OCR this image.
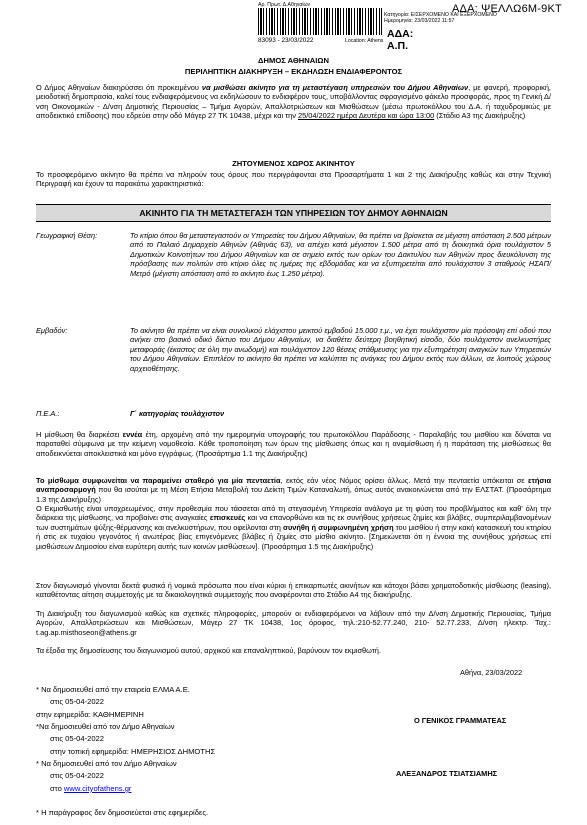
Αρ. Πρωτ. Δ.Αθηναίων
Κατηγορία: ΕΙΣΕΡΧΟΜΕΝΟ ΚΑΙ ΕΞΕΡΧΟΜΕΝΟ
Ημερομηνία: 23/03/2022 11:57
83093 - 23/03/2022	Location: Athens
ΑΔΑ: ΨΕΛΛΩ6Μ-9ΚΤ
ΑΔΑ:
Α.Π.
ΔΗΜΟΣ ΑΘΗΝΑΙΩΝ
ΠΕΡΙΛΗΠΤΙΚΗ ΔΙΑΚΗΡΥΞΗ – ΕΚΔΗΛΩΣΗ ΕΝΔΙΑΦΕΡΟΝΤΟΣ
Ο Δήμος Αθηναίων διακηρύσσει ότι προκειμένου να μισθώσει ακίνητο για τη μεταστέγαση υπηρεσιών του Δήμου Αθηναίων, με φανερή, προφορική, μειοδοτική δημοπρασία, καλεί τους ενδιαφερόμενους να εκδηλώσουν το ενδιαφέρον τους, υποβάλλοντας σφραγισμένο φάκελο προσφοράς, προς τη Γενική Δ/νση Οικονομικών - Δ/νση Δημοτικής Περιουσίας – Τμήμα Αγορών, Απαλλοτριώσεων και Μισθώσεων (μέσω πρωτοκόλλου του Δ.Α. ή ταχυδρομικώς με αποδεικτικό επίδοσης) που εδρεύει στην οδό Μάγερ 27 ΤΚ 10438, μέχρι και την 25/04/2022 ημέρα Δευτέρα και ώρα 13:00 (Στάδιο Α3 της Διακήρυξης)
ΖΗΤΟΥΜΕΝΟΣ ΧΩΡΟΣ ΑΚΙΝΗΤΟΥ
Το προσφερόμενο ακίνητο θα πρέπει να πληρούν τους όρους που περιγράφονται στα Προσαρτήματα 1 και 2 της Διακήρυξης καθώς και στην Τεχνική Περιγραφή και έχουν τα παρακάτω χαρακτηριστικά:
ΑΚΙΝΗΤΟ ΓΙΑ ΤΗ ΜΕΤΑΣΤΕΓΑΣΗ ΤΩΝ ΥΠΗΡΕΣΙΩΝ ΤΟΥ ΔΗΜΟΥ ΑΘΗΝΑΙΩΝ
Γεωγραφική Θέση:	Το κτίριο όπου θα μεταστεγαστούν οι Υπηρεσίες του Δήμου Αθηναίων, θα πρέπει να βρίσκεται σε μέγιστη απόσταση 2.500 μέτρων από το Παλαιό Δημαρχείο Αθηνών (Αθηνάς 63), να απέχει κατά μέγιστον 1.500 μέτρα από τη διοικητικά όρια τουλάχιστον 5 Δημοτικών Κοινοτήτων του Δήμου Αθηναίων και σε σημείο εκτός των ορίων του Δακτυλίου των Αθηνών προς διευκόλυνση της πρόσβασης των πολιτών στο κτίριο όλες τις ημέρες της εβδομάδας και να εξυπηρετείται από τουλάχιστον 3 σταθμούς ΗΣΑΠ/Μετρό (μέγιστη απόσταση από το ακίνητο έως 1.250 μέτρα).
Εμβαδόν:	Το ακίνητο θα πρέπει να είναι συνολικού ελάχιστου μεικτού εμβαδού 15.000 τ.μ., να έχει τουλάχιστον μία πρόσοψη επί οδού που ανήκει στο βασικό οδικό δίκτυο του Δήμου Αθηναίων, να διαθέτει δεύτερη βοηθητική είσοδο, δύο τουλάχιστον ανελκυστήρες μεταφοράς (έκαστος σε όλη την ανωδομή) και τουλάχιστον 120 θέσεις στάθμευσης για την εξυπηρέτηση αναγκών των Υπηρεσιών του Δήμου Αθηναίων. Επιπλέον το ακίνητο θα πρέπει να καλύπτει τις ανάγκες του Δήμου εκτός των άλλων, σε λοιπούς χώρους αρχειοθέτησης.
Π.Ε.Α.:	Γ΄ κατηγορίας τουλάχιστον
Η μίσθωση θα διαρκέσει εννέα έτη, αρχομένη από την ημερομηνία υπογραφής του πρωτοκόλλου Παράδοσης - Παραλαβής του μισθίου και δύναται να παραταθεί σύμφωνα με την κείμενη νομοθεσία. Κάθε τροποποίηση των όρων της μίσθωσης όπως και η αναμίσθωση ή η παράταση της μισθώσεως θα αποδεικνύεται αποκλειστικά και μόνο εγγράφως. (Προσάρτημα 1.1 της Διακήρυξης)
Το μίσθωμα συμφωνείται να παραμείνει σταθερό για μία πενταετία, εκτός εάν νέος Νόμος ορίσει άλλως. Μετά την πενταετία υπόκειται σε ετήσια αναπροσαρμογή που θα ισούται με τη Μέση Ετήσια Μεταβολή του Δείκτη Τιμών Καταναλωτή, όπως αυτός ανακοινώνεται από την ΕΛΣΤΑΤ. (Προσάρτημα 1.3 της Διακήρυξης)
Ο Εκμισθωτής είναι υποχρεωμένος, στην προθεσμία που τάσσεται από τη στεγασμένη Υπηρεσία ανάλογα με τη φύση του προβλήματος και καθ' όλη την διάρκεια της μίσθωσης, να προβαίνει στις αναγκαίες επισκευές και να επανορθώνει και τις εκ συνήθους χρήσεως ζημίες και βλάβες, συμπεριλαμβανομένων των συστημάτων ψύξης-θέρμανσης και ανελκυστήρων, που οφείλονται στη συνήθη ή συμφωνημένη χρήση του μισθίου ή στην κακή κατασκευή του κτηρίου ή στις εκ τυχαίου γεγονότος ή ανωτέρας βίας επιγενόμενες βλάβες ή ζημίες στο μίσθιο ακίνητο. [Σημειώνεται ότι η έννοια της συνήθους χρήσεως επί μισθώσεων Δημοσίου είναι ευρύτερη αυτής των κοινών μισθώσεων]. (Προσάρτημα 1.5 της Διακήρυξης)
Στον διαγωνισμό γίνονται δεκτά φυσικά ή νομικά πρόσωπα που είναι κύριοι ή επικαρπωτές ακινήτων και κάτοχοι βάσει χρηματοδοτικής μίσθωσης (leasing), καταθέτοντας αίτηση συμμετοχής με τα δικαιολογητικά συμμετοχής που αναφέρονται στο Στάδιο Α4 της διακήρυξης.
Τη Διακήρυξη του διαγωνισμού καθώς και σχετικές πληροφορίες, μπορούν οι ενδιαφερόμενοι να λάβουν από την Δ/νση Δημοτικής Περιουσίας, Τμήμα Αγορών, Απαλλοτριώσεων και Μισθώσεων, Μάγερ 27 ΤΚ 10438, 1ος όροφος, τηλ.:210-52.77.240, 210- 52.77.233, Δ/νση ηλεκτρ. Ταχ.: t.ag.ap.misthoseon@athens.gr
Τα έξοδα της δημοσίευσης του διαγωνισμού αυτού, αρχικού και επαναληπτικού, βαρύνουν τον εκμισθωτή.
Αθήνα, 23/03/2022
* Να δημοσιευθεί από την εταιρεία ΕΛΜΑ Α.Ε.
στις 05-04-2022
στην εφημερίδα: ΚΑΘΗΜΕΡΙΝΗ
*Να δημοσιευθεί από τον Δήμο Αθηναίων
στις 05-04-2022
στην τοπική εφημερίδα: ΗΜΕΡΗΣΙΟΣ ΔΗΜΟΤΗΣ
* Να δημοσιευθεί από τον Δήμο Αθηναίων
στις 05-04-2022
στο www.cityofathens.gr
* Η παράγραφος δεν δημοσιεύεται στις εφημερίδες.
Ο ΓΕΝΙΚΟΣ ΓΡΑΜΜΑΤΕΑΣ
ΑΛΕΞΑΝΔΡΟΣ ΤΣΙΑΤΣΙΑΜΗΣ
